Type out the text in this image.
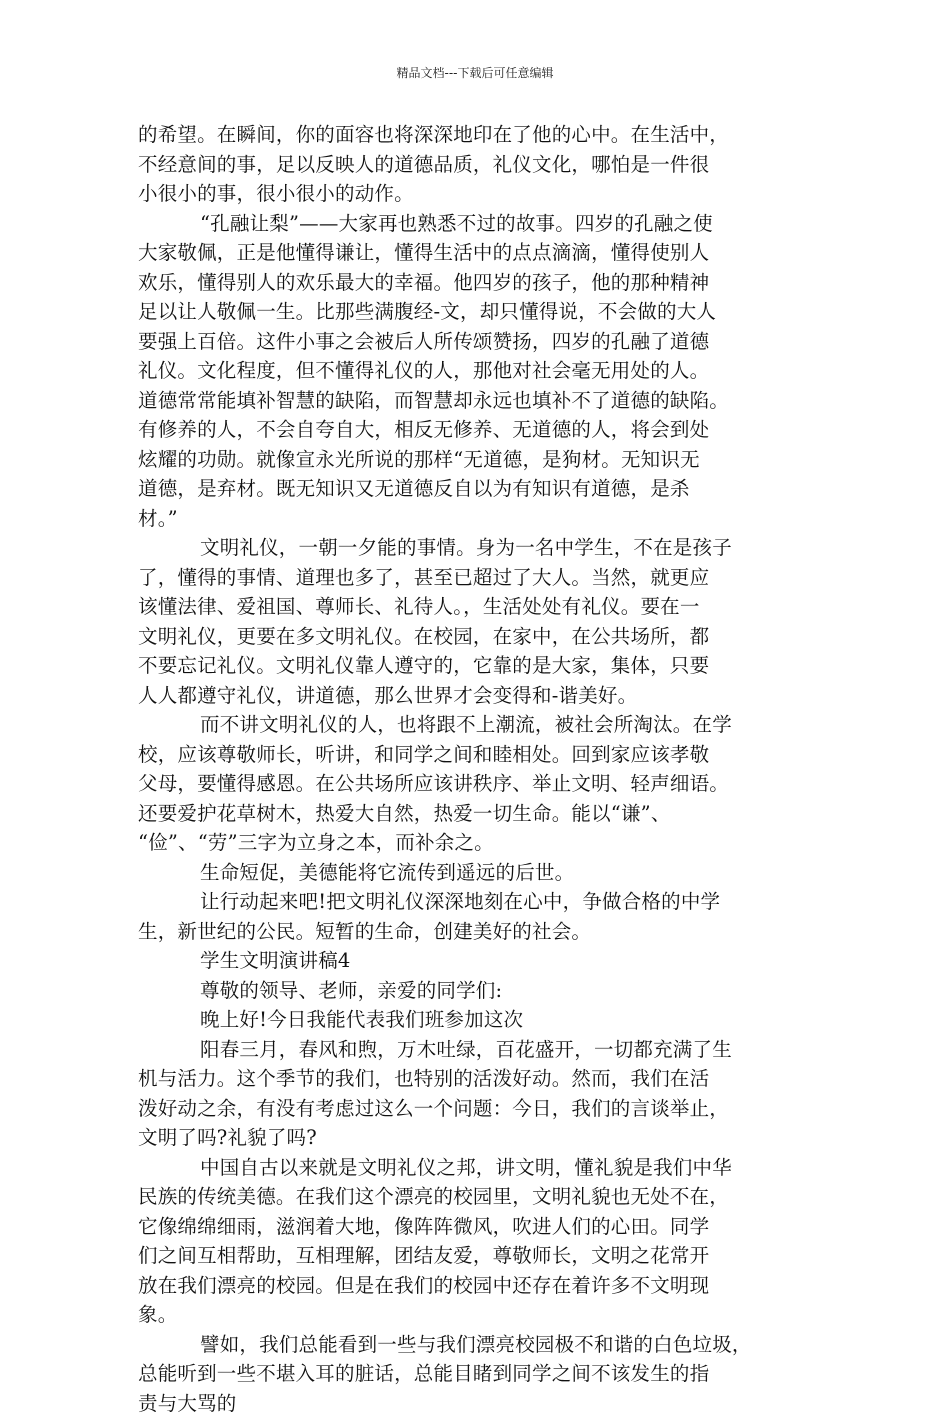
精品文档---下载后可任意编辑
的希望。在瞬间，你的面容也将深深地印在了他的心中。在生活中，
不经意间的事，足以反映人的道德品质，礼仪文化，哪怕是一件很
小很小的事，很小很小的动作。
“孔融让梨”——大家再也熟悉不过的故事。四岁的孔融之使
大家敬佩，正是他懂得谦让，懂得生活中的点点滴滴，懂得使别人
欢乐，懂得别人的欢乐最大的幸福。他四岁的孩子，他的那种精神
足以让人敬佩一生。比那些满腹经-文，却只懂得说，不会做的大人
要强上百倍。这件小事之会被后人所传颂赞扬，四岁的孔融了道德
礼仪。文化程度，但不懂得礼仪的人，那他对社会毫无用处的人。
道德常常能填补智慧的缺陷，而智慧却永远也填补不了道德的缺陷。
有修养的人，不会自夸自大，相反无修养、无道德的人，将会到处
炫耀的功勋。就像宣永光所说的那样“无道德，是狗材。无知识无
道德，是弃材。既无知识又无道德反自以为有知识有道德，是杀
材。”
文明礼仪，一朝一夕能的事情。身为一名中学生，不在是孩子
了，懂得的事情、道理也多了，甚至已超过了大人。当然，就更应
该懂法律、爱祖国、尊师长、礼待人。，生活处处有礼仪。要在一
文明礼仪，更要在多文明礼仪。在校园，在家中，在公共场所，都
不要忘记礼仪。文明礼仪靠人遵守的，它靠的是大家，集体，只要
人人都遵守礼仪，讲道德，那么世界才会变得和-谐美好。
而不讲文明礼仪的人，也将跟不上潮流，被社会所淘汰。在学
校，应该尊敬师长，听讲，和同学之间和睦相处。回到家应该孝敬
父母，要懂得感恩。在公共场所应该讲秩序、举止文明、轻声细语。
还要爱护花草树木，热爱大自然，热爱一切生命。能以“谦”、
“俭”、“劳”三字为立身之本，而补余之。
生命短促，美德能将它流传到遥远的后世。
让行动起来吧!把文明礼仪深深地刻在心中，争做合格的中学
生，新世纪的公民。短暂的生命，创建美好的社会。
学生文明演讲稿4
尊敬的领导、老师，亲爱的同学们:
晚上好!今日我能代表我们班参加这次
阳春三月，春风和煦，万木吐绿，百花盛开，一切都充满了生
机与活力。这个季节的我们，也特别的活泼好动。然而，我们在活
泼好动之余，有没有考虑过这么一个问题：今日，我们的言谈举止，
文明了吗?礼貌了吗?
中国自古以来就是文明礼仪之邦，讲文明，懂礼貌是我们中华
民族的传统美德。在我们这个漂亮的校园里，文明礼貌也无处不在，
它像绵绵细雨，滋润着大地，像阵阵微风，吹进人们的心田。同学
们之间互相帮助，互相理解，团结友爱，尊敬师长，文明之花常开
放在我们漂亮的校园。但是在我们的校园中还存在着许多不文明现
象。
譬如，我们总能看到一些与我们漂亮校园极不和谐的白色垃圾，
总能听到一些不堪入耳的脏话，总能目睹到同学之间不该发生的指
责与大骂的
